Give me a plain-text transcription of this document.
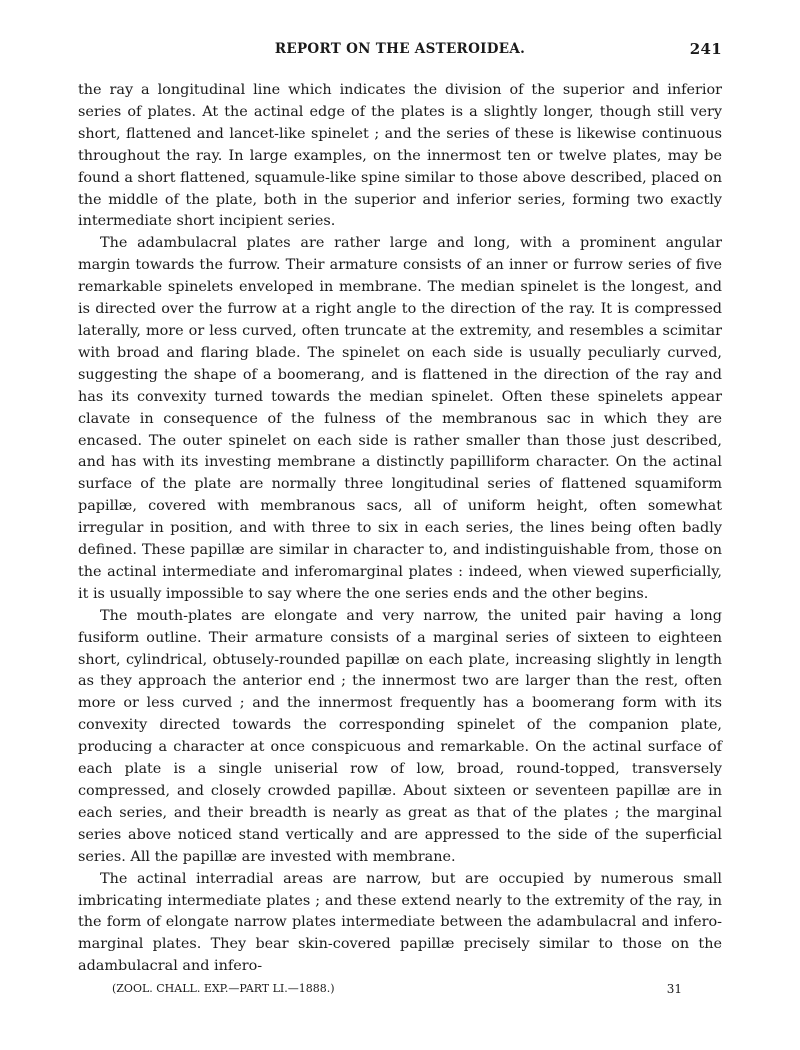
REPORT ON THE ASTEROIDEA.	241

the ray a longitudinal line which indicates the division of the superior and inferior series of plates. At the actinal edge of the plates is a slightly longer, though still very short, flattened and lancet-like spinelet ; and the series of these is likewise continuous throughout the ray. In large examples, on the innermost ten or twelve plates, may be found a short flattened, squamule-like spine similar to those above described, placed on the middle of the plate, both in the superior and inferior series, forming two exactly intermediate short incipient series.

The adambulacral plates are rather large and long, with a prominent angular margin towards the furrow. Their armature consists of an inner or furrow series of five remarkable spinelets enveloped in membrane. The median spinelet is the longest, and is directed over the furrow at a right angle to the direction of the ray. It is compressed laterally, more or less curved, often truncate at the extremity, and resembles a scimitar with broad and flaring blade. The spinelet on each side is usually peculiarly curved, suggesting the shape of a boomerang, and is flattened in the direction of the ray and has its convexity turned towards the median spinelet. Often these spinelets appear clavate in consequence of the fulness of the membranous sac in which they are encased. The outer spinelet on each side is rather smaller than those just described, and has with its investing membrane a distinctly papilliform character. On the actinal surface of the plate are normally three longitudinal series of flattened squamiform papillæ, covered with membranous sacs, all of uniform height, often somewhat irregular in position, and with three to six in each series, the lines being often badly defined. These papillæ are similar in character to, and indistinguishable from, those on the actinal intermediate and inferomarginal plates : indeed, when viewed superficially, it is usually impossible to say where the one series ends and the other begins.

The mouth-plates are elongate and very narrow, the united pair having a long fusiform outline. Their armature consists of a marginal series of sixteen to eighteen short, cylindrical, obtusely-rounded papillæ on each plate, increasing slightly in length as they approach the anterior end ; the innermost two are larger than the rest, often more or less curved ; and the innermost frequently has a boomerang form with its convexity directed towards the corresponding spinelet of the companion plate, producing a character at once conspicuous and remarkable. On the actinal surface of each plate is a single uniserial row of low, broad, round-topped, transversely compressed, and closely crowded papillæ. About sixteen or seventeen papillæ are in each series, and their breadth is nearly as great as that of the plates ; the marginal series above noticed stand vertically and are appressed to the side of the superficial series. All the papillæ are invested with membrane.

The actinal interradial areas are narrow, but are occupied by numerous small imbricating intermediate plates ; and these extend nearly to the extremity of the ray, in the form of elongate narrow plates intermediate between the adambulacral and infero-marginal plates. They bear skin-covered papillæ precisely similar to those on the adambulacral and infero-

(ZOOL. CHALL. EXP.—PART LI.—1888.)	31
